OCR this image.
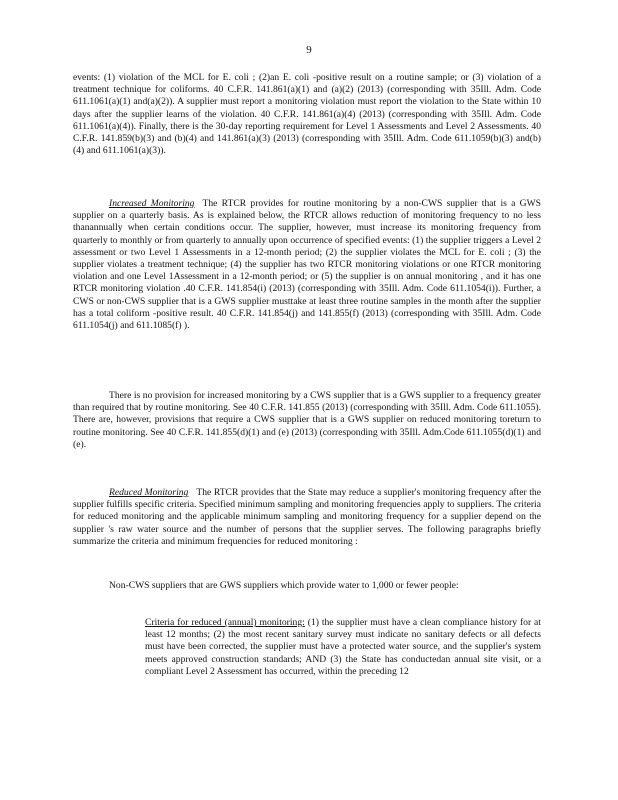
9
events: (1) violation of the MCL for E. coli ; (2)an E. coli -positive result on a routine sample; or (3) violation of a treatment technique for coliforms. 40 C.F.R. 141.861(a)(1) and (a)(2) (2013) (corresponding with 35Ill. Adm. Code 611.1061(a)(1) and(a)(2)). A supplier must report a monitoring violation must report the violation to the State within 10 days after the supplier learns of the violation. 40 C.F.R. 141.861(a)(4) (2013) (corresponding with 35Ill. Adm. Code 611.1061(a)(4)). Finally, there is the 30-day reporting requirement for Level 1 Assessments and Level 2 Assessments. 40 C.F.R. 141.859(b)(3) and (b)(4) and 141.861(a)(3) (2013) (corresponding with 35Ill. Adm. Code 611.1059(b)(3) and(b)(4) and 611.1061(a)(3)).
Increased Monitoring The RTCR provides for routine monitoring by a non-CWS supplier that is a GWS supplier on a quarterly basis. As is explained below, the RTCR allows reduction of monitoring frequency to no less thanannually when certain conditions occur. The supplier, however, must increase its monitoring frequency from quarterly to monthly or from quarterly to annually upon occurrence of specified events: (1) the supplier triggers a Level 2 assessment or two Level 1 Assessments in a 12-month period; (2) the supplier violates the MCL for E. coli ; (3) the supplier violates a treatment technique; (4) the supplier has two RTCR monitoring violations or one RTCR monitoring violation and one Level 1Assessment in a 12-month period; or (5) the supplier is on annual monitoring , and it has one RTCR monitoring violation .40 C.F.R. 141.854(i) (2013) (corresponding with 35Ill. Adm. Code 611.1054(i)). Further, a CWS or non-CWS supplier that is a GWS supplier musttake at least three routine samples in the month after the supplier has a total coliform -positive result. 40 C.F.R. 141.854(j) and 141.855(f) (2013) (corresponding with 35Ill. Adm. Code 611.1054(j) and 611.1085(f) ).
There is no provision for increased monitoring by a CWS supplier that is a GWS supplier to a frequency greater than required that by routine monitoring. See 40 C.F.R. 141.855 (2013) (corresponding with 35Ill. Adm. Code 611.1055). There are, however, provisions that require a CWS supplier that is a GWS supplier on reduced monitoring toreturn to routine monitoring. See 40 C.F.R. 141.855(d)(1) and (e) (2013) (corresponding with 35Ill. Adm.Code 611.1055(d)(1) and (e).
Reduced Monitoring The RTCR provides that the State may reduce a supplier's monitoring frequency after the supplier fulfills specific criteria. Specified minimum sampling and monitoring frequencies apply to suppliers. The criteria for reduced monitoring and the applicable minimum sampling and monitoring frequency for a supplier depend on the supplier 's raw water source and the number of persons that the supplier serves. The following paragraphs briefly summarize the criteria and minimum frequencies for reduced monitoring :
Non-CWS suppliers that are GWS suppliers which provide water to 1,000 or fewer people:
Criteria for reduced (annual) monitoring: (1) the supplier must have a clean compliance history for at least 12 months; (2) the most recent sanitary survey must indicate no sanitary defects or all defects must have been corrected, the supplier must have a protected water source, and the supplier's system meets approved construction standards; AND (3) the State has conductedan annual site visit, or a compliant Level 2 Assessment has occurred, within the preceding 12
